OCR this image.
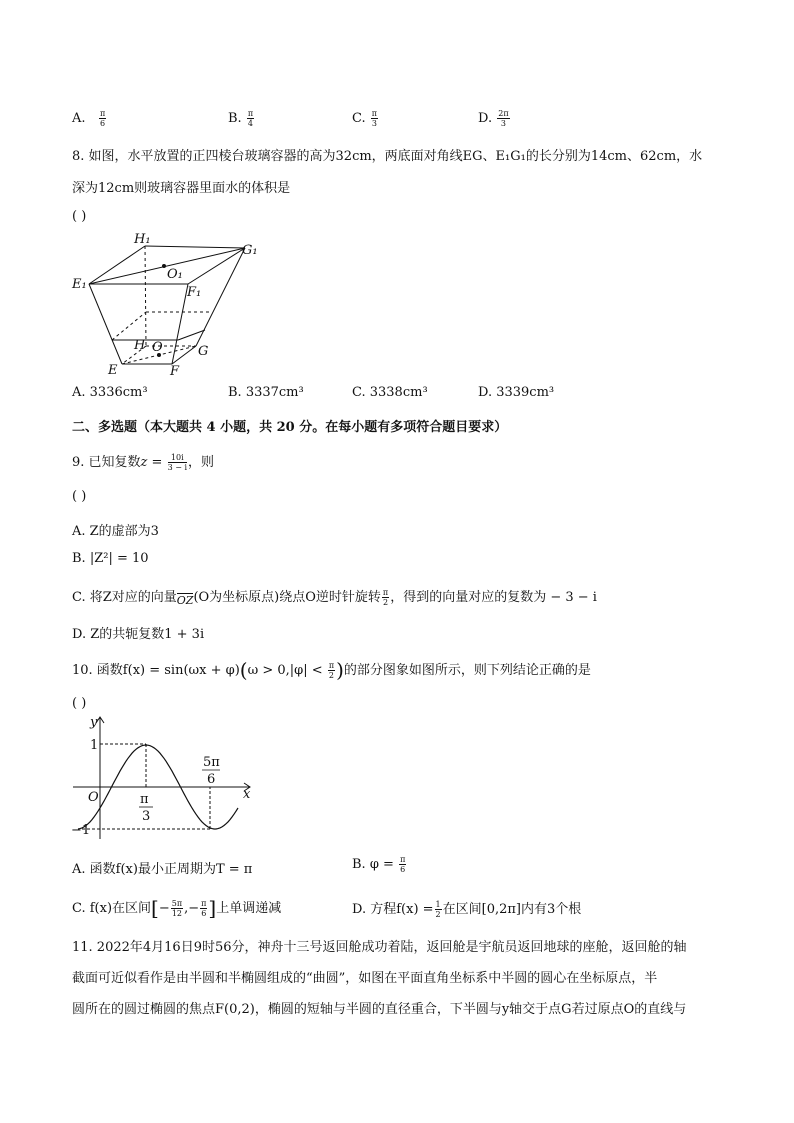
A. $\frac{\pi}{6}$	B. $\frac{\pi}{4}$	C. $\frac{\pi}{3}$	D. $\frac{2\pi}{3}$
8. 如图，水平放置的正四棱台玻璃容器的高为32cm，两底面对角线EG、E₁G₁的长分别为14cm、62cm，水
深为12cm则玻璃容器里面水的体积是
( )
H₁
G₁
O₁
E₁
F₁
H O	G
E	F
A. 3336cm³	B. 3337cm³	C. 3338cm³	D. 3339cm³
二、多选题（本大题共 4 小题，共 20 分。在每小题有多项符合题目要求）
9. 已知复数$z = \frac{10i}{3 - i}$ ，则
( )
A. Z的虚部为3
B. |Z²| = 10
C. 将Z对应的向量$_{OZ}$(O为坐标原点)绕点O逆时针旋转 $\frac{\pi}{2}$ ，得到的向量对应的复数为 − 3 − i
D. Z的共轭复数1 + 3i
10. 函数$f(x) = \sin(\omega x + \varphi)(\omega > 0,|\varphi| < \frac{\pi}{2}$ )的部分图象如图所示，则下列结论正确的是
( )
y
x
O
1
−1
π
3
5π
6
A. 函数f(x)最小正周期为T = π	B. $\varphi = \frac{\pi}{6}$
C. f(x)在区间[− $\frac{5\pi}{12}$ ,− $\frac{\pi}{6}$ ]上单调递减	D. 方程$f(x) = \frac{1}{2}$ 在区间[0,2π]内有3个根
11. 2022年4月16日9时56分，神舟十三号返回舱成功着陆，返回舱是宇航员返回地球的座舱，返回舱的轴
截面可近似看作是由半圆和半椭圆组成的“曲圆”，如图在平面直角坐标系中半圆的圆心在坐标原点，半
圆所在的圆过椭圆的焦点F(0,2)，椭圆的短轴与半圆的直径重合，下半圆与y轴交于点G若过原点O的直线与
